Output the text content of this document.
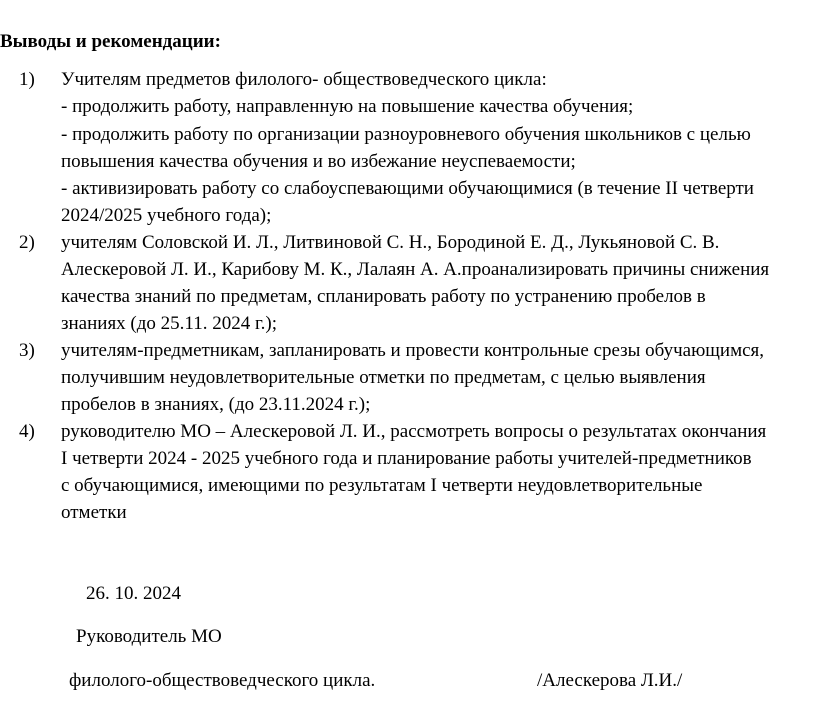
Выводы и рекомендации:
1) Учителям предметов филолого- обществоведческого цикла:
- продолжить работу, направленную на повышение качества обучения;
- продолжить работу по организации разноуровневого обучения школьников с целью
повышения качества обучения и во избежание неуспеваемости;
- активизировать работу со слабоуспевающими обучающимися (в течение II четверти
2024/2025 учебного года);
2) учителям Соловской И. Л., Литвиновой С. Н., Бородиной Е. Д., Лукьяновой С. В.
Алескеровой Л. И., Карибову М. К., Лалаян А. А.проанализировать причины снижения
качества знаний по предметам, спланировать работу по устранению пробелов в
знаниях (до 25.11. 2024 г.);
3) учителям-предметникам, запланировать и провести контрольные срезы обучающимся,
получившим неудовлетворительные отметки по предметам, с целью выявления
пробелов в знаниях, (до 23.11.2024 г.);
4) руководителю МО – Алескеровой Л. И., рассмотреть вопросы о результатах окончания
I четверти 2024 - 2025 учебного года и планирование работы учителей-предметников
с обучающимися, имеющими по результатам I четверти неудовлетворительные
отметки
26. 10. 2024
Руководитель МО
филолого-обществоведческого цикла.	/Алескерова Л.И./
